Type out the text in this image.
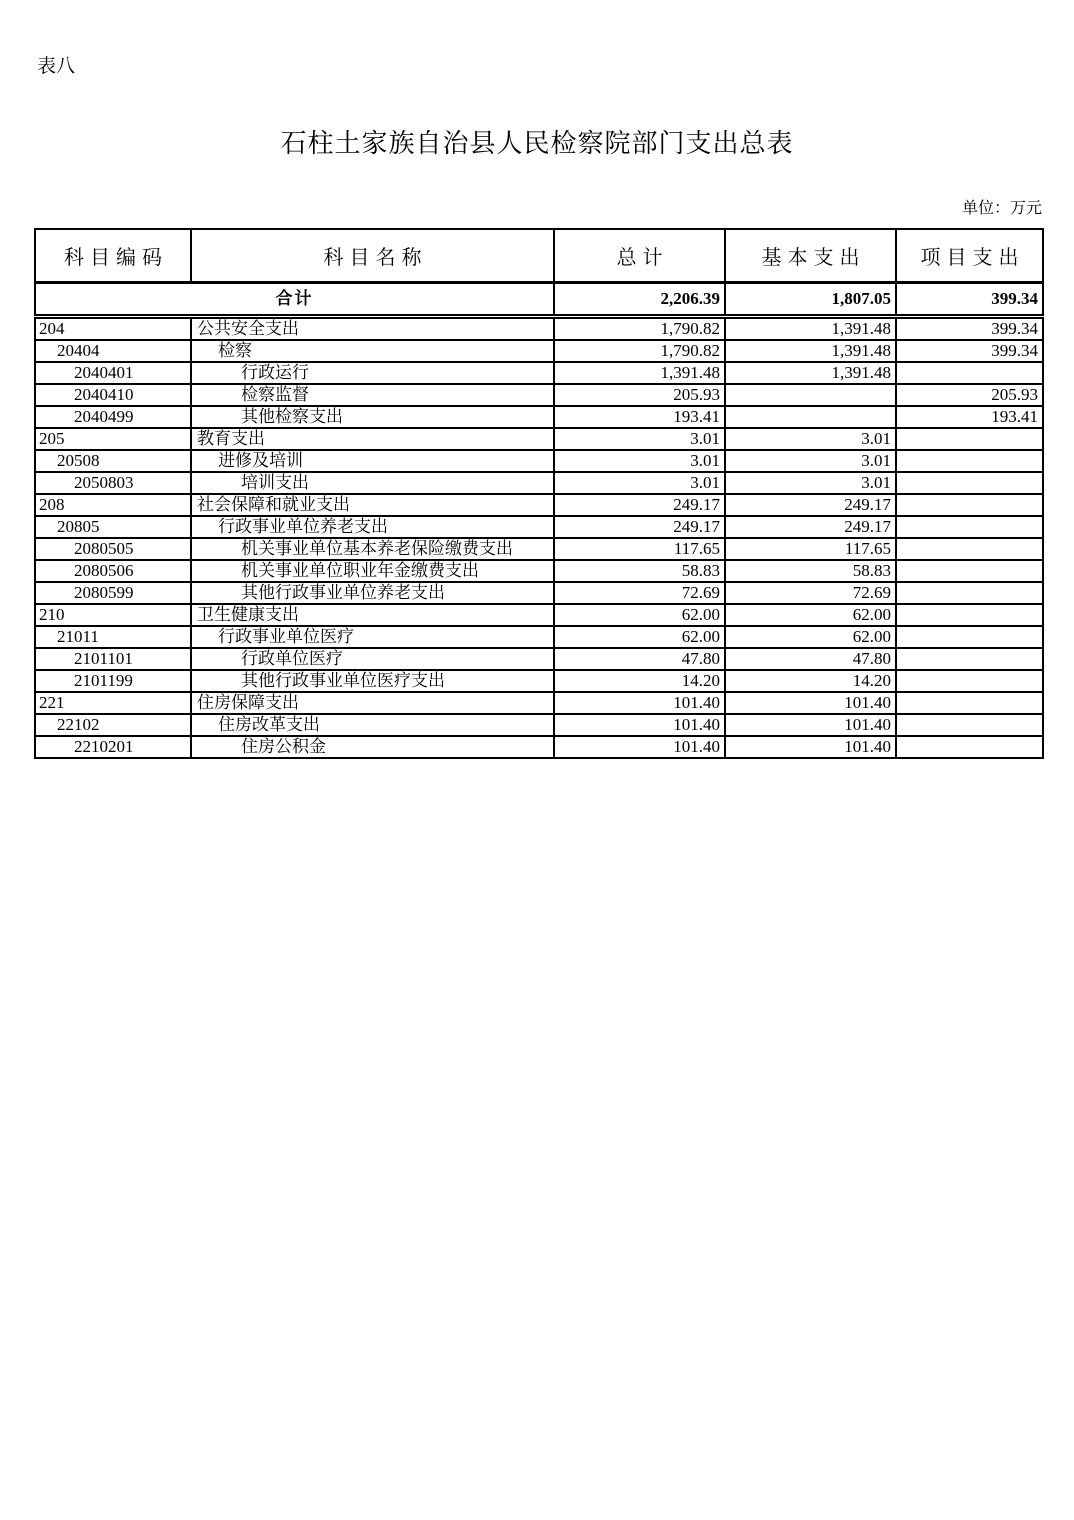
表八
石柱土家族自治县人民检察院部门支出总表
单位：万元
科目编码	科目名称	总计	基本支出	项目支出
合计		2,206.39	1,807.05	399.34
204	公共安全支出	1,790.82	1,391.48	399.34
20404	检察	1,790.82	1,391.48	399.34
2040401	行政运行	1,391.48	1,391.48	
2040410	检察监督	205.93		205.93
2040499	其他检察支出	193.41		193.41
205	教育支出	3.01	3.01	
20508	进修及培训	3.01	3.01	
2050803	培训支出	3.01	3.01	
208	社会保障和就业支出	249.17	249.17	
20805	行政事业单位养老支出	249.17	249.17	
2080505	机关事业单位基本养老保险缴费支出	117.65	117.65	
2080506	机关事业单位职业年金缴费支出	58.83	58.83	
2080599	其他行政事业单位养老支出	72.69	72.69	
210	卫生健康支出	62.00	62.00	
21011	行政事业单位医疗	62.00	62.00	
2101101	行政单位医疗	47.80	47.80	
2101199	其他行政事业单位医疗支出	14.20	14.20	
221	住房保障支出	101.40	101.40	
22102	住房改革支出	101.40	101.40	
2210201	住房公积金	101.40	101.40	
